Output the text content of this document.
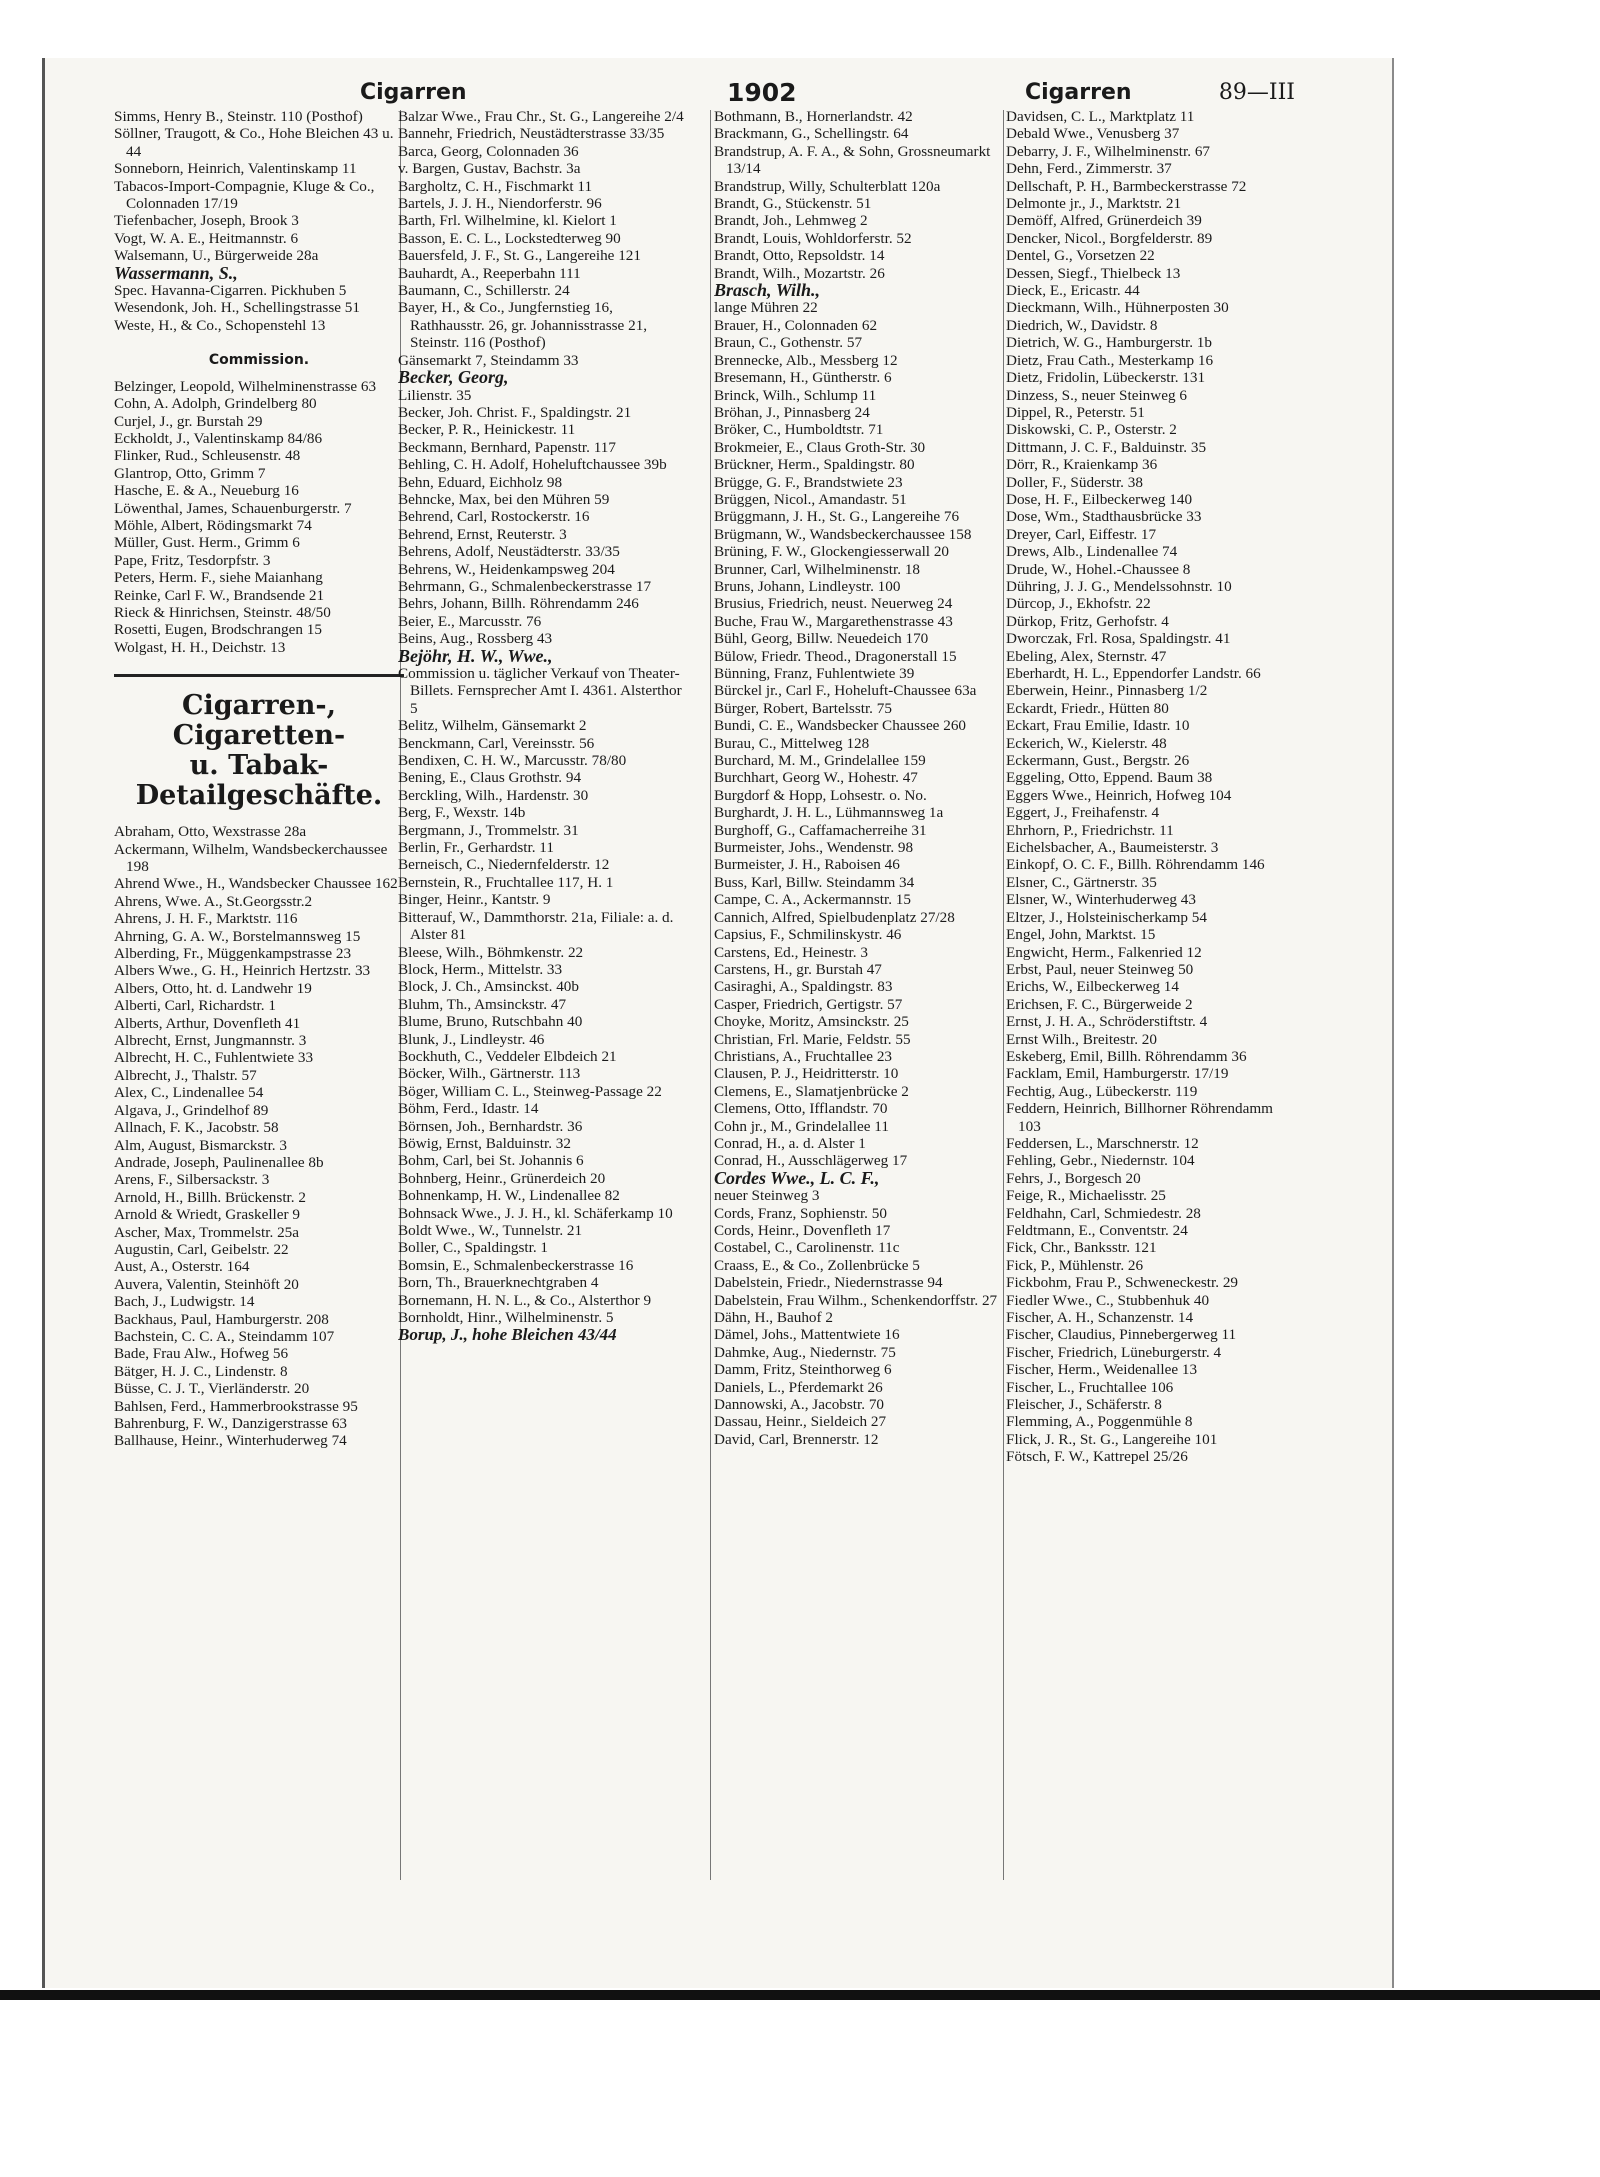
Cigarren	1902	Cigarren	89—III
Simms, Henry B., Steinstr. 110 (Posthof)
Söllner, Traugott, & Co., Hohe Bleichen 43 u. 44
Sonneborn, Heinrich, Valentinskamp 11
Tabacos-Import-Compagnie, Kluge & Co., Colonnaden 17/19
Tiefenbacher, Joseph, Brook 3
Vogt, W. A. E., Heitmannstr. 6
Walsemann, U., Bürgerweide 28a
Wassermann, S.,
Spec. Havanna-Cigarren. Pickhuben 5
Wesendonk, Joh. H., Schellingstrasse 51
Weste, H., & Co., Schopenstehl 13
Commission.
Belzinger, Leopold, Wilhelminenstrasse 63
Cohn, A. Adolph, Grindelberg 80
Curjel, J., gr. Burstah 29
Eckholdt, J., Valentinskamp 84/86
Flinker, Rud., Schleusenstr. 48
Glantrop, Otto, Grimm 7
Hasche, E. & A., Neueburg 16
Löwenthal, James, Schauenburgerstr. 7
Möhle, Albert, Rödingsmarkt 74
Müller, Gust. Herm., Grimm 6
Pape, Fritz, Tesdorpfstr. 3
Peters, Herm. F., siehe Maianhang
Reinke, Carl F. W., Brandsende 21
Rieck & Hinrichsen, Steinstr. 48/50
Rosetti, Eugen, Brodschrangen 15
Wolgast, H. H., Deichstr. 13
Cigarren-, Cigaretten-
u. Tabak-
Detailgeschäfte.
Abraham, Otto, Wexstrasse 28a
Ackermann, Wilhelm, Wandsbeckerchaussee 198
Ahrend Wwe., H., Wandsbecker Chaussee 162
Ahrens, Wwe. A., St.Georgsstr.2
Ahrens, J. H. F., Marktstr. 116
Ahrning, G. A. W., Borstelmannsweg 15
Alberding, Fr., Müggenkampstrasse 23
Albers Wwe., G. H., Heinrich Hertzstr. 33
Albers, Otto, ht. d. Landwehr 19
Alberti, Carl, Richardstr. 1
Alberts, Arthur, Dovenfleth 41
Albrecht, Ernst, Jungmannstr. 3
Albrecht, H. C., Fuhlentwiete 33
Albrecht, J., Thalstr. 57
Alex, C., Lindenallee 54
Algava, J., Grindelhof 89
Allnach, F. K., Jacobstr. 58
Alm, August, Bismarckstr. 3
Andrade, Joseph, Paulinenallee 8b
Arens, F., Silbersackstr. 3
Arnold, H., Billh. Brückenstr. 2
Arnold & Wriedt, Graskeller 9
Ascher, Max, Trommelstr. 25a
Augustin, Carl, Geibelstr. 22
Aust, A., Osterstr. 164
Auvera, Valentin, Steinhöft 20
Bach, J., Ludwigstr. 14
Backhaus, Paul, Hamburgerstr. 208
Bachstein, C. C. A., Steindamm 107
Bade, Frau Alw., Hofweg 56
Bätger, H. J. C., Lindenstr. 8
Büsse, C. J. T., Vierländerstr. 20
Bahlsen, Ferd., Hammerbrookstrasse 95
Bahrenburg, F. W., Danzigerstrasse 63
Ballhause, Heinr., Winterhuderweg 74
Balzar Wwe., Frau Chr., St. G., Langereihe 2/4
Bannehr, Friedrich, Neustädterstrasse 33/35
Barca, Georg, Colonnaden 36
v. Bargen, Gustav, Bachstr. 3a
Bargholtz, C. H., Fischmarkt 11
Bartels, J. J. H., Niendorferstr. 96
Barth, Frl. Wilhelmine, kl. Kielort 1
Basson, E. C. L., Lockstedterweg 90
Bauersfeld, J. F., St. G., Langereihe 121
Bauhardt, A., Reeperbahn 111
Baumann, C., Schillerstr. 24
Bayer, H., & Co., Jungfernstieg 16, Rathhausstr. 26, gr. Johannisstrasse 21, Steinstr. 116 (Posthof)
Gänsemarkt 7, Steindamm 33
Becker, Georg,
Lilienstr. 35
Becker, Joh. Christ. F., Spaldingstr. 21
Becker, P. R., Heinickestr. 11
Beckmann, Bernhard, Papenstr. 117
Behling, C. H. Adolf, Hoheluftchaussee 39b
Behn, Eduard, Eichholz 98
Behncke, Max, bei den Mühren 59
Behrend, Carl, Rostockerstr. 16
Behrend, Ernst, Reuterstr. 3
Behrens, Adolf, Neustädterstr. 33/35
Behrens, W., Heidenkampsweg 204
Behrmann, G., Schmalenbeckerstrasse 17
Behrs, Johann, Billh. Röhrendamm 246
Beier, E., Marcusstr. 76
Beins, Aug., Rossberg 43
Bejöhr, H. W., Wwe.,
Commission u. täglicher Verkauf von Theater-Billets. Fernsprecher Amt I. 4361. Alsterthor 5
Belitz, Wilhelm, Gänsemarkt 2
Benckmann, Carl, Vereinsstr. 56
Bendixen, C. H. W., Marcusstr. 78/80
Bening, E., Claus Grothstr. 94
Berckling, Wilh., Hardenstr. 30
Berg, F., Wexstr. 14b
Bergmann, J., Trommelstr. 31
Berlin, Fr., Gerhardstr. 11
Berneisch, C., Niedernfelderstr. 12
Bernstein, R., Fruchtallee 117, H. 1
Binger, Heinr., Kantstr. 9
Bitterauf, W., Dammthorstr. 21a, Filiale: a. d. Alster 81
Bleese, Wilh., Böhmkenstr. 22
Block, Herm., Mittelstr. 33
Block, J. Ch., Amsinckst. 40b
Bluhm, Th., Amsinckstr. 47
Blume, Bruno, Rutschbahn 40
Blunk, J., Lindleystr. 46
Bockhuth, C., Veddeler Elbdeich 21
Böcker, Wilh., Gärtnerstr. 113
Böger, William C. L., Steinweg-Passage 22
Böhm, Ferd., Idastr. 14
Börnsen, Joh., Bernhardstr. 36
Böwig, Ernst, Balduinstr. 32
Bohm, Carl, bei St. Johannis 6
Bohnberg, Heinr., Grünerdeich 20
Bohnenkamp, H. W., Lindenallee 82
Bohnsack Wwe., J. J. H., kl. Schäferkamp 10
Boldt Wwe., W., Tunnelstr. 21
Boller, C., Spaldingstr. 1
Bomsin, E., Schmalenbeckerstrasse 16
Born, Th., Brauerknechtgraben 4
Bornemann, H. N. L., & Co., Alsterthor 9
Bornholdt, Hinr., Wilhelminenstr. 5
Borup, J., hohe Bleichen 43/44
Bothmann, B., Hornerlandstr. 42
Brackmann, G., Schellingstr. 64
Brandstrup, A. F. A., & Sohn, Grossneumarkt 13/14
Brandstrup, Willy, Schulterblatt 120a
Brandt, G., Stückenstr. 51
Brandt, Joh., Lehmweg 2
Brandt, Louis, Wohldorferstr. 52
Brandt, Otto, Repsoldstr. 14
Brandt, Wilh., Mozartstr. 26
Brasch, Wilh.,
lange Mühren 22
Brauer, H., Colonnaden 62
Braun, C., Gothenstr. 57
Brennecke, Alb., Messberg 12
Bresemann, H., Güntherstr. 6
Brinck, Wilh., Schlump 11
Bröhan, J., Pinnasberg 24
Bröker, C., Humboldtstr. 71
Brokmeier, E., Claus Groth-Str. 30
Brückner, Herm., Spaldingstr. 80
Brügge, G. F., Brandstwiete 23
Brüggen, Nicol., Amandastr. 51
Brüggmann, J. H., St. G., Langereihe 76
Brügmann, W., Wandsbeckerchaussee 158
Brüning, F. W., Glockengiesserwall 20
Brunner, Carl, Wilhelminenstr. 18
Bruns, Johann, Lindleystr. 100
Brusius, Friedrich, neust. Neuerweg 24
Buche, Frau W., Margarethenstrasse 43
Bühl, Georg, Billw. Neuedeich 170
Bülow, Friedr. Theod., Dragonerstall 15
Bünning, Franz, Fuhlentwiete 39
Bürckel jr., Carl F., Hoheluft-Chaussee 63a
Bürger, Robert, Bartelsstr. 75
Bundi, C. E., Wandsbecker Chaussee 260
Burau, C., Mittelweg 128
Burchard, M. M., Grindelallee 159
Burchhart, Georg W., Hohestr. 47
Burgdorf & Hopp, Lohsestr. o. No.
Burghardt, J. H. L., Lühmannsweg 1a
Burghoff, G., Caffamacherreihe 31
Burmeister, Johs., Wendenstr. 98
Burmeister, J. H., Raboisen 46
Buss, Karl, Billw. Steindamm 34
Campe, C. A., Ackermannstr. 15
Cannich, Alfred, Spielbudenplatz 27/28
Capsius, F., Schmilinskystr. 46
Carstens, Ed., Heinestr. 3
Carstens, H., gr. Burstah 47
Casiraghi, A., Spaldingstr. 83
Casper, Friedrich, Gertigstr. 57
Choyke, Moritz, Amsinckstr. 25
Christian, Frl. Marie, Feldstr. 55
Christians, A., Fruchtallee 23
Clausen, P. J., Heidritterstr. 10
Clemens, E., Slamatjenbrücke 2
Clemens, Otto, Ifflandstr. 70
Cohn jr., M., Grindelallee 11
Conrad, H., a. d. Alster 1
Conrad, H., Ausschlägerweg 17
Cordes Wwe., L. C. F.,
neuer Steinweg 3
Cords, Franz, Sophienstr. 50
Cords, Heinr., Dovenfleth 17
Costabel, C., Carolinenstr. 11c
Craass, E., & Co., Zollenbrücke 5
Dabelstein, Friedr., Niedernstrasse 94
Dabelstein, Frau Wilhm., Schenkendorffstr. 27
Dähn, H., Bauhof 2
Dämel, Johs., Mattentwiete 16
Dahmke, Aug., Niedernstr. 75
Damm, Fritz, Steinthorweg 6
Daniels, L., Pferdemarkt 26
Dannowski, A., Jacobstr. 70
Dassau, Heinr., Sieldeich 27
David, Carl, Brennerstr. 12
Davidsen, C. L., Marktplatz 11
Debald Wwe., Venusberg 37
Debarry, J. F., Wilhelminenstr. 67
Dehn, Ferd., Zimmerstr. 37
Dellschaft, P. H., Barmbeckerstrasse 72
Delmonte jr., J., Marktstr. 21
Demöff, Alfred, Grünerdeich 39
Dencker, Nicol., Borgfelderstr. 89
Dentel, G., Vorsetzen 22
Dessen, Siegf., Thielbeck 13
Dieck, E., Ericastr. 44
Dieckmann, Wilh., Hühnerposten 30
Diedrich, W., Davidstr. 8
Dietrich, W. G., Hamburgerstr. 1b
Dietz, Frau Cath., Mesterkamp 16
Dietz, Fridolin, Lübeckerstr. 131
Dinzess, S., neuer Steinweg 6
Dippel, R., Peterstr. 51
Diskowski, C. P., Osterstr. 2
Dittmann, J. C. F., Balduinstr. 35
Dörr, R., Kraienkamp 36
Doller, F., Süderstr. 38
Dose, H. F., Eilbeckerweg 140
Dose, Wm., Stadthausbrücke 33
Dreyer, Carl, Eiffestr. 17
Drews, Alb., Lindenallee 74
Drude, W., Hohel.-Chaussee 8
Dühring, J. J. G., Mendelssohnstr. 10
Dürcop, J., Ekhofstr. 22
Dürkop, Fritz, Gerhofstr. 4
Dworczak, Frl. Rosa, Spaldingstr. 41
Ebeling, Alex, Sternstr. 47
Eberhardt, H. L., Eppendorfer Landstr. 66
Eberwein, Heinr., Pinnasberg 1/2
Eckardt, Friedr., Hütten 80
Eckart, Frau Emilie, Idastr. 10
Eckerich, W., Kielerstr. 48
Eckermann, Gust., Bergstr. 26
Eggeling, Otto, Eppend. Baum 38
Eggers Wwe., Heinrich, Hofweg 104
Eggert, J., Freihafenstr. 4
Ehrhorn, P., Friedrichstr. 11
Eichelsbacher, A., Baumeisterstr. 3
Einkopf, O. C. F., Billh. Röhrendamm 146
Elsner, C., Gärtnerstr. 35
Elsner, W., Winterhuderweg 43
Eltzer, J., Holsteinischerkamp 54
Engel, John, Marktst. 15
Engwicht, Herm., Falkenried 12
Erbst, Paul, neuer Steinweg 50
Erichs, W., Eilbeckerweg 14
Erichsen, F. C., Bürgerweide 2
Ernst, J. H. A., Schröderstiftstr. 4
Ernst Wilh., Breitestr. 20
Eskeberg, Emil, Billh. Röhrendamm 36
Facklam, Emil, Hamburgerstr. 17/19
Fechtig, Aug., Lübeckerstr. 119
Feddern, Heinrich, Billhorner Röhrendamm 103
Feddersen, L., Marschnerstr. 12
Fehling, Gebr., Niedernstr. 104
Fehrs, J., Borgesch 20
Feige, R., Michaelisstr. 25
Feldhahn, Carl, Schmiedestr. 28
Feldtmann, E., Conventstr. 24
Fick, Chr., Banksstr. 121
Fick, P., Mühlenstr. 26
Fickbohm, Frau P., Schweneckestr. 29
Fiedler Wwe., C., Stubbenhuk 40
Fischer, A. H., Schanzenstr. 14
Fischer, Claudius, Pinnebergerweg 11
Fischer, Friedrich, Lüneburgerstr. 4
Fischer, Herm., Weidenallee 13
Fischer, L., Fruchtallee 106
Fleischer, J., Schäferstr. 8
Flemming, A., Poggenmühle 8
Flick, J. R., St. G., Langereihe 101
Fötsch, F. W., Kattrepel 25/26
